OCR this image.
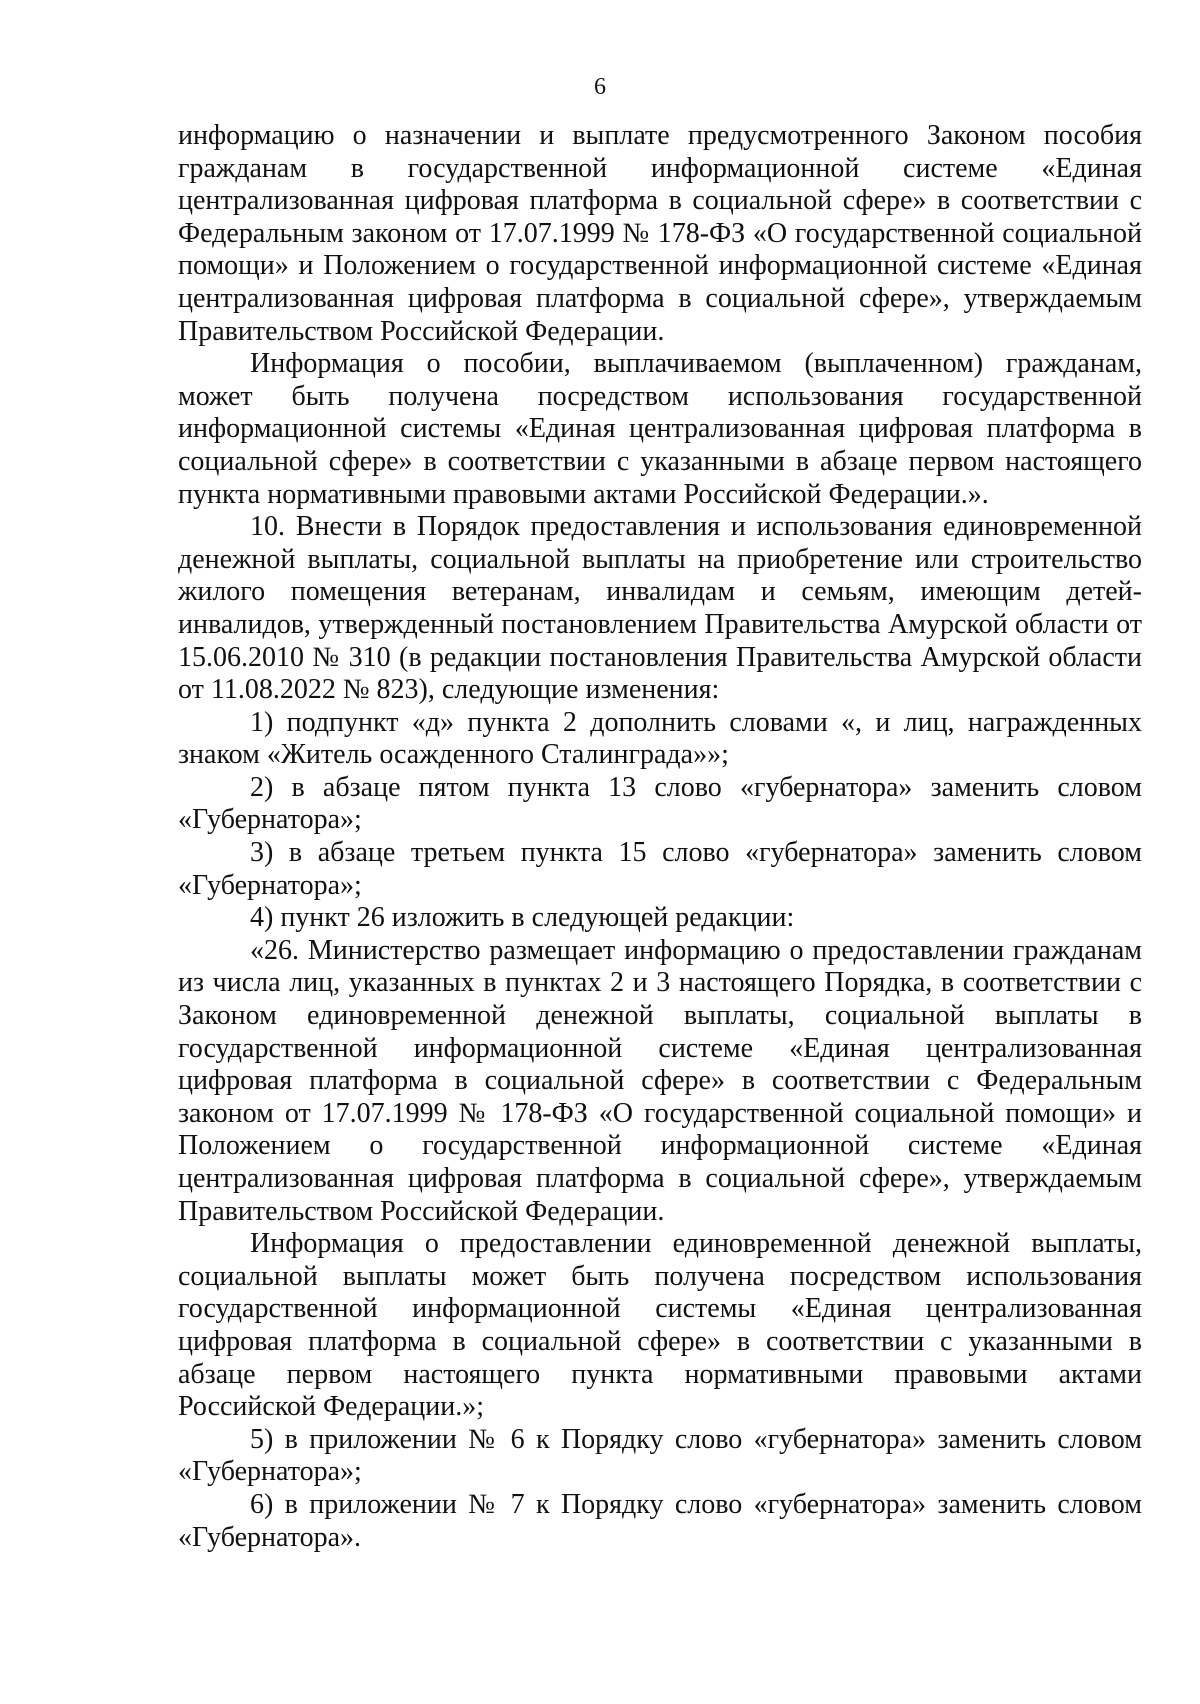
6

информацию о назначении и выплате предусмотренного Законом пособия гражданам в государственной информационной системе «Единая централизованная цифровая платформа в социальной сфере» в соответствии с Федеральным законом от 17.07.1999 № 178-ФЗ «О государственной социальной помощи» и Положением о государственной информационной системе «Единая централизованная цифровая платформа в социальной сфере», утверждаемым Правительством Российской Федерации.

Информация о пособии, выплачиваемом (выплаченном) гражданам, может быть получена посредством использования государственной информационной системы «Единая централизованная цифровая платформа в социальной сфере» в соответствии с указанными в абзаце первом настоящего пункта нормативными правовыми актами Российской Федерации.».

10. Внести в Порядок предоставления и использования единовременной денежной выплаты, социальной выплаты на приобретение или строительство жилого помещения ветеранам, инвалидам и семьям, имеющим детей-инвалидов, утвержденный постановлением Правительства Амурской области от 15.06.2010 № 310 (в редакции постановления Правительства Амурской области от 11.08.2022 № 823), следующие изменения:

1) подпункт «д» пункта 2 дополнить словами «, и лиц, награжденных знаком «Житель осажденного Сталинграда»»;

2) в абзаце пятом пункта 13 слово «губернатора» заменить словом «Губернатора»;

3) в абзаце третьем пункта 15 слово «губернатора» заменить словом «Губернатора»;

4) пункт 26 изложить в следующей редакции:

«26. Министерство размещает информацию о предоставлении гражданам из числа лиц, указанных в пунктах 2 и 3 настоящего Порядка, в соответствии с Законом единовременной денежной выплаты, социальной выплаты в государственной информационной системе «Единая централизованная цифровая платформа в социальной сфере» в соответствии с Федеральным законом от 17.07.1999 № 178-ФЗ «О государственной социальной помощи» и Положением о государственной информационной системе «Единая централизованная цифровая платформа в социальной сфере», утверждаемым Правительством Российской Федерации.

Информация о предоставлении единовременной денежной выплаты, социальной выплаты может быть получена посредством использования государственной информационной системы «Единая централизованная цифровая платформа в социальной сфере» в соответствии с указанными в абзаце первом настоящего пункта нормативными правовыми актами Российской Федерации.»;

5) в приложении № 6 к Порядку слово «губернатора» заменить словом «Губернатора»;

6) в приложении № 7 к Порядку слово «губернатора» заменить словом «Губернатора».
